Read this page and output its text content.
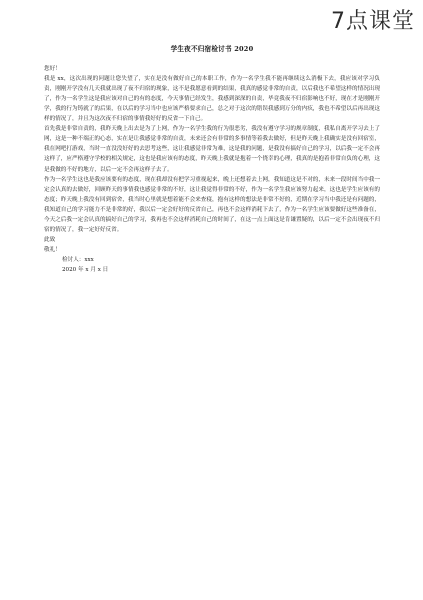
7点课堂
学生夜不归宿检讨书 2020

您好！

我是 xx，这次出现的问题让您失望了，实在是没有做好自己的本职工作，作为一名学生我不能再继续这么消极下去，我应该对学习负责，刚刚开学没有几天我就出现了夜不归宿的现象，这不是我愿意看到的结果，我真的感觉非常的自责，以后我也不希望这样的情况出现了，作为一名学生这是我应该对自己的有的态度，今天事情已经发生，我感到深深的自责，毕竟我夜不归宿影响也不好，现在才是刚刚开学，我的行为铸就了的后果，在以后的学习当中也应该严格要求自己，总之对于这次的错误我感到万分的内疚，我也不希望以后再出现这样的情况了，并且为这次夜不归宿的事情我好好的反省一下自己。

首先我是非常自责的，我昨天晚上出去是为了上网，作为一名学生我的行为很恶劣，我没有遵守学习的规章制度，我私自离开学习去上了网，这是一种不端正的心态，实在是让我感觉非常的自责，未来还会有非常的多事情等着我去做好，但是昨天晚上我确实是没有回宿室，我在网吧打游戏，当时一直没没好好的去思考这些，这让我感觉非常为难，这是我的问题，是我没有搞好自己的学习，以后我一定不会再这样了，应严格遵守学校的相关规定，这也是我应该有的态度，昨天晚上我就是抱着一个侥幸的心理，我真的是抱着非常自负的心理，这是我做的不好的地方，以后一定不会再这样子去了。

作为一名学生这也是我应该要有的态度，现在我却没有把学习重视起来，晚上还想着去上网，我知道这是不对的，未来一段时间当中我一定会认真的去做好，回顾昨天的事情我也感觉非常的不好，这让我觉得非常的不好，作为一名学生我应该努力起来，这也是学生应该有的态度；昨天晚上我没有回到宿舍，我当时心里就是想着能不会来查寝，抱有这样的想法是非常不好的，近期在学习当中我还是有问题的，我知道自己的学习能力不是非常的好，我以后一定会好好的反省自己，再也不会这样消耗下去了，作为一名学生应该要做好这些准备在，今天之后我一定会认真的搞好自己的学习，我再也不会这样消耗自己的时间了，在这一点上面这是肯谦置疑的，以后一定不会出现夜不归宿的情况了，我一定好好反省。

此致

敬礼！

检讨人：xxx

2020 年 x 月 x 日
